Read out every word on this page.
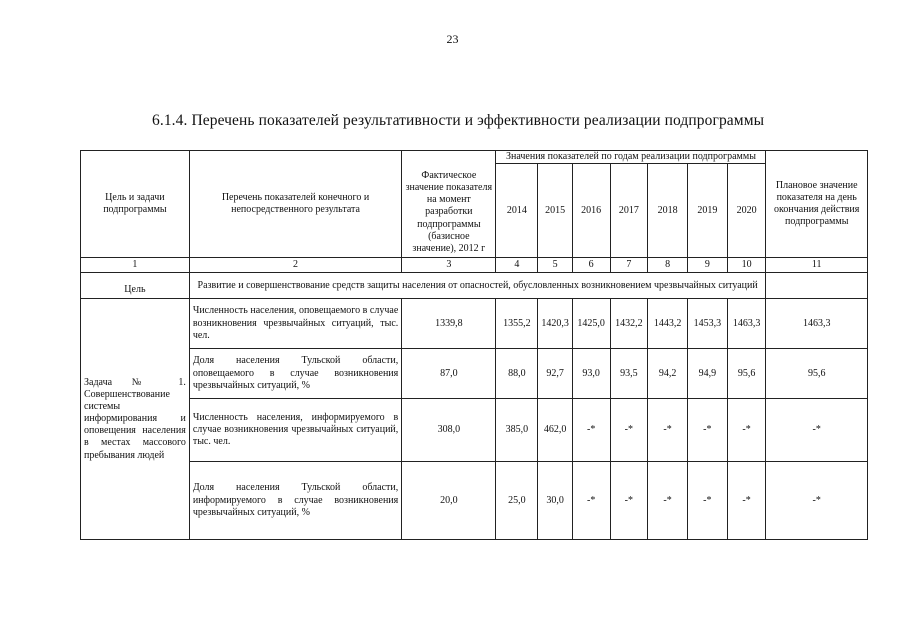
23
6.1.4. Перечень показателей результативности и эффективности реализации подпрограммы
Цель и задачи подпрограммы	Перечень показателей конечного и непосредственного результата	Фактическое значение показателя на момент разработки подпрограммы (базисное значение), 2012 г	Значения показателей по годам реализации подпрограммы							Плановое значение показателя на день окончания действия подпрограммы
			2014	2015	2016	2017	2018	2019	2020	
1	2	3	4	5	6	7	8	9	10	11
Цель	Развитие и совершенствование средств защиты населения от опасностей, обусловленных возникновением чрезвычайных ситуаций									
Задача № 1. Совершенствование системы информирования и оповещения населения в местах массового пребывания людей	Численность населения, оповещаемого в случае возникновения чрезвычайных ситуаций, тыс. чел.	1339,8	1355,2	1420,3	1425,0	1432,2	1443,2	1453,3	1463,3	1463,3
	Доля населения Тульской области, оповещаемого в случае возникновения чрезвычайных ситуаций, %	87,0	88,0	92,7	93,0	93,5	94,2	94,9	95,6	95,6
	Численность населения, информируемого в случае возникновения чрезвычайных ситуаций, тыс. чел.	308,0	385,0	462,0	-*	-*	-*	-*	-*	-*
	Доля населения Тульской области, информируемого в случае возникновения чрезвычайных ситуаций, %	20,0	25,0	30,0	-*	-*	-*	-*	-*	-*
